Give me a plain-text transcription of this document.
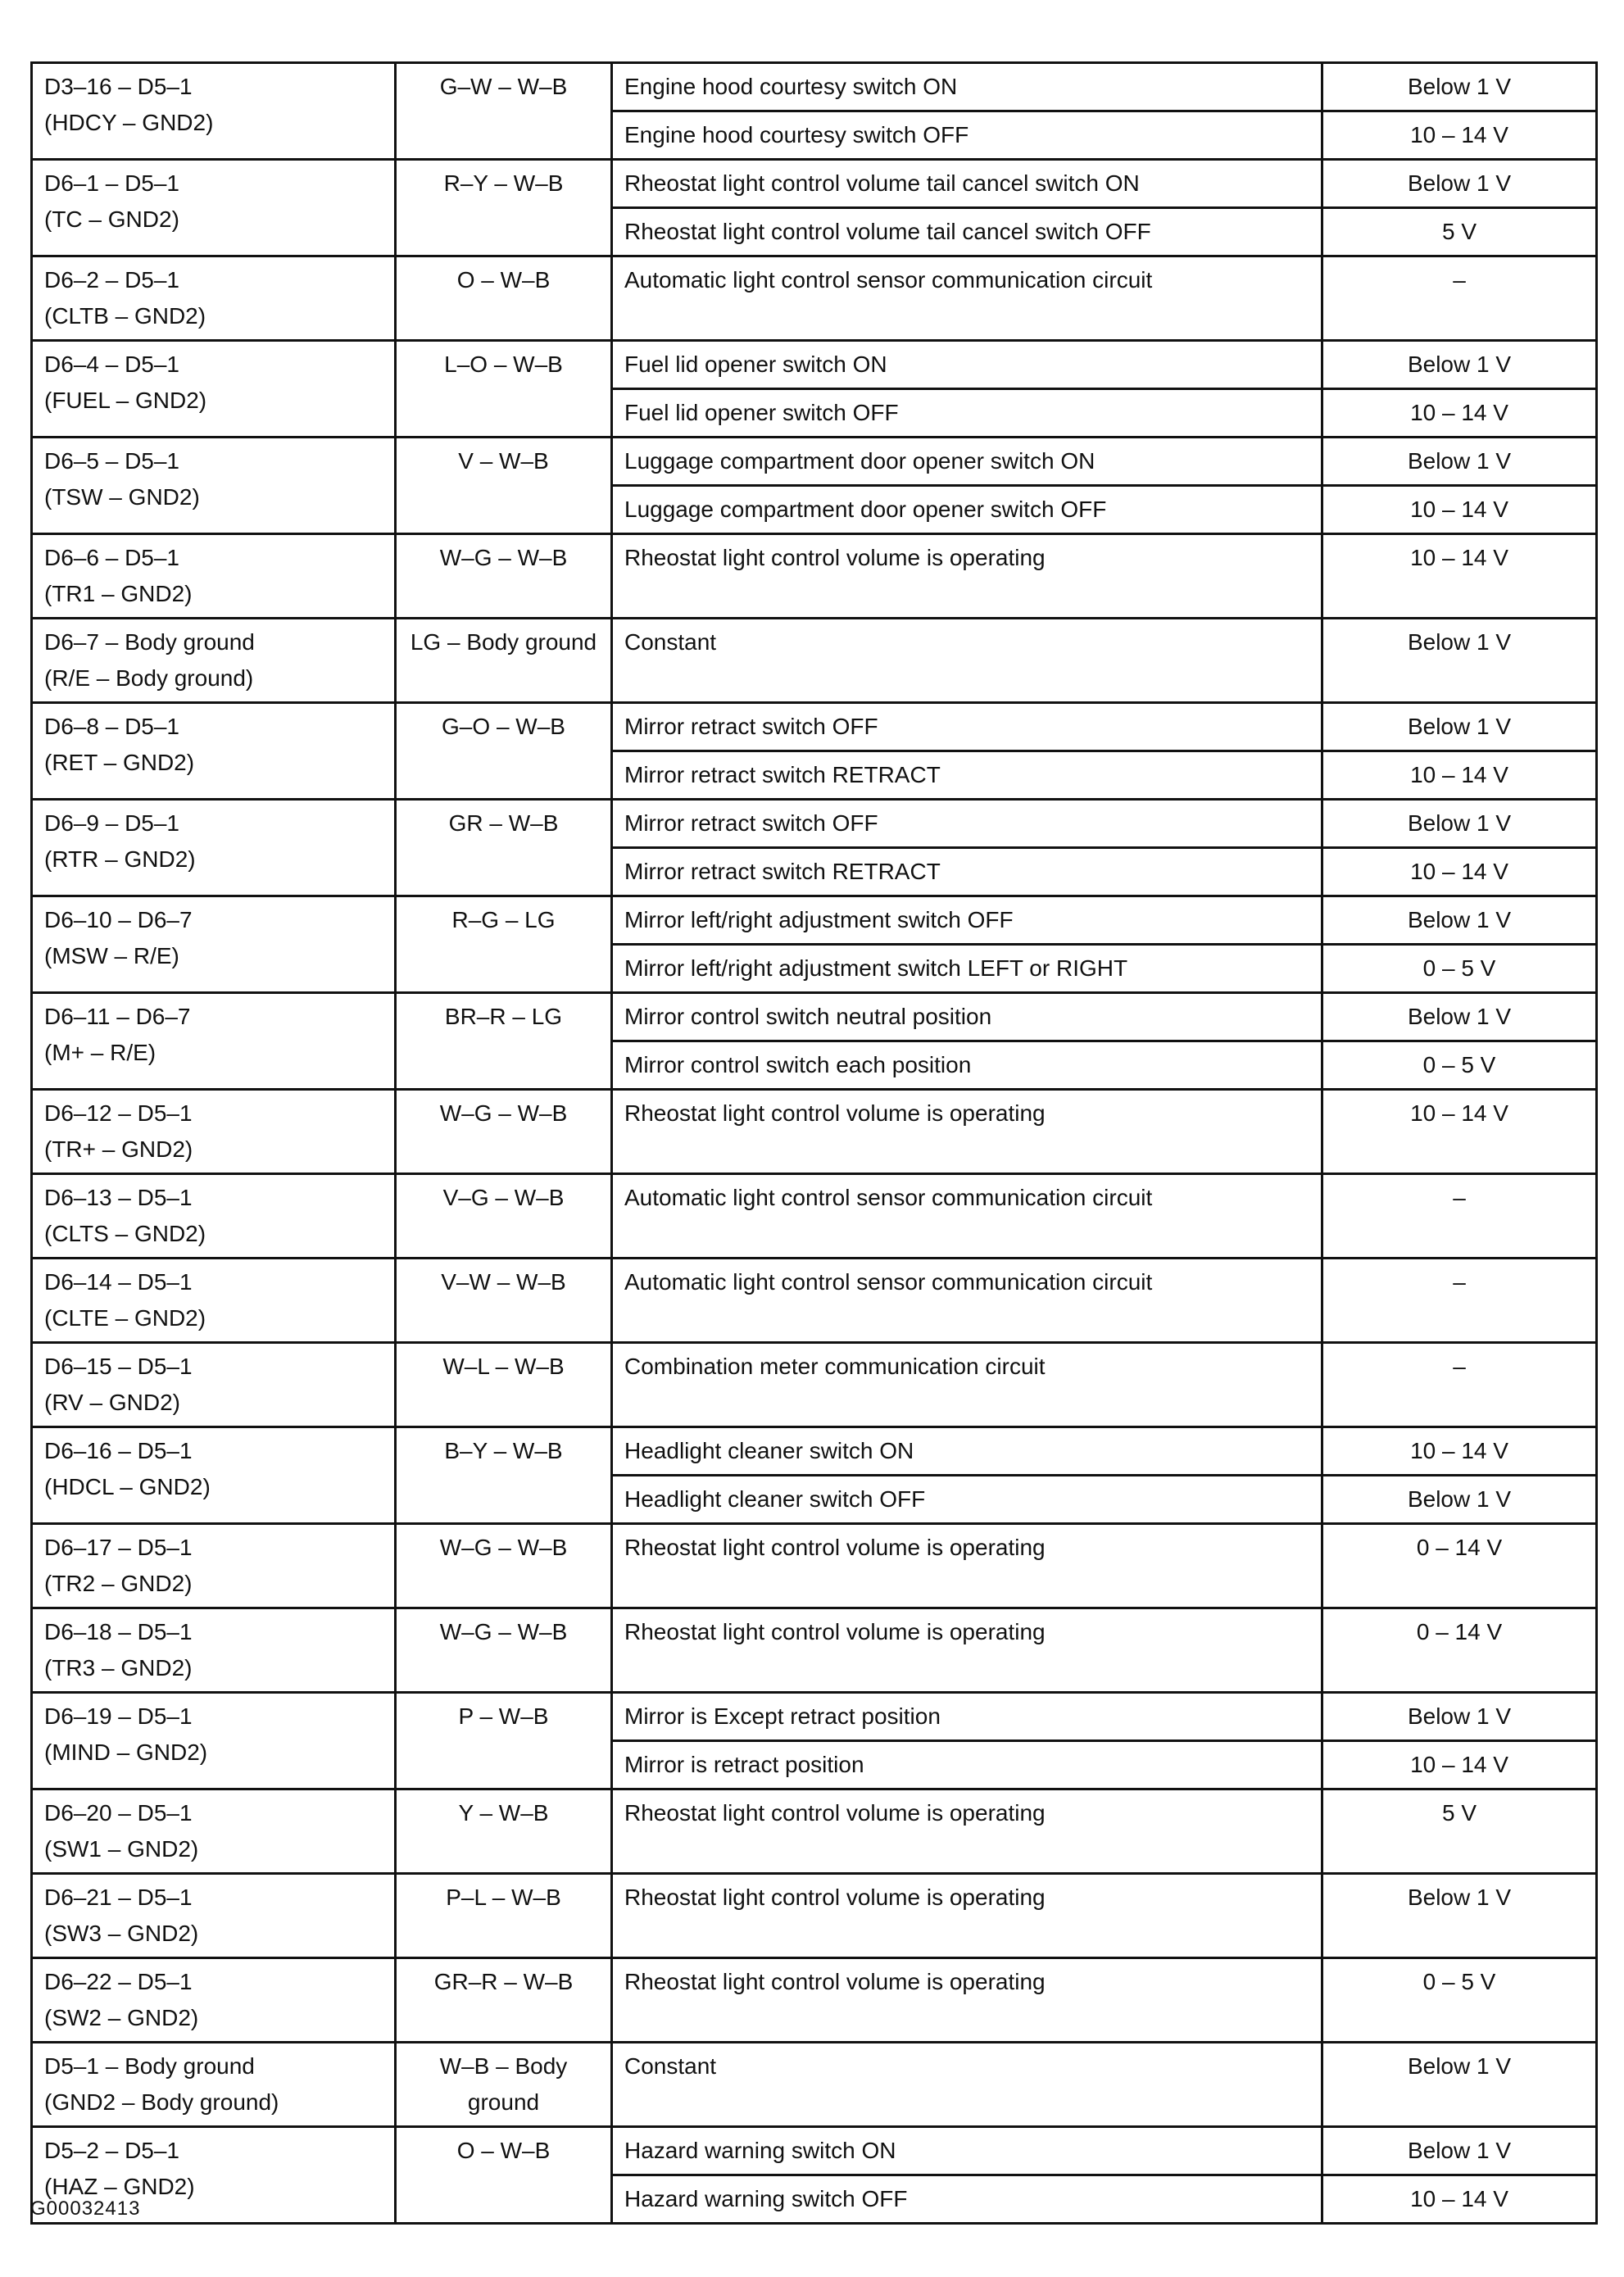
D3–16 – D5–1
(HDCY – GND2)	G–W – W–B	Engine hood courtesy switch ON	Below 1 V
		Engine hood courtesy switch OFF	10 – 14 V

D6–1 – D5–1
(TC – GND2)	R–Y – W–B	Rheostat light control volume tail cancel switch ON	Below 1 V
		Rheostat light control volume tail cancel switch OFF	5 V

D6–2 – D5–1
(CLTB – GND2)	O – W–B	Automatic light control sensor communication circuit	–

D6–4 – D5–1
(FUEL – GND2)	L–O – W–B	Fuel lid opener switch ON	Below 1 V
		Fuel lid opener switch OFF	10 – 14 V

D6–5 – D5–1
(TSW – GND2)	V – W–B	Luggage compartment door opener switch ON	Below 1 V
		Luggage compartment door opener switch OFF	10 – 14 V

D6–6 – D5–1
(TR1 – GND2)	W–G – W–B	Rheostat light control volume is operating	10 – 14 V

D6–7 – Body ground
(R/E – Body ground)	LG – Body ground	Constant	Below 1 V

D6–8 – D5–1
(RET – GND2)	G–O – W–B	Mirror retract switch OFF	Below 1 V
		Mirror retract switch RETRACT	10 – 14 V

D6–9 – D5–1
(RTR – GND2)	GR – W–B	Mirror retract switch OFF	Below 1 V
		Mirror retract switch RETRACT	10 – 14 V

D6–10 – D6–7
(MSW – R/E)	R–G – LG	Mirror left/right adjustment switch OFF	Below 1 V
		Mirror left/right adjustment switch LEFT or RIGHT	0 – 5 V

D6–11 – D6–7
(M+ – R/E)	BR–R – LG	Mirror control switch neutral position	Below 1 V
		Mirror control switch each position	0 – 5 V

D6–12 – D5–1
(TR+ – GND2)	W–G – W–B	Rheostat light control volume is operating	10 – 14 V

D6–13 – D5–1
(CLTS – GND2)	V–G – W–B	Automatic light control sensor communication circuit	–

D6–14 – D5–1
(CLTE – GND2)	V–W – W–B	Automatic light control sensor communication circuit	–

D6–15 – D5–1
(RV – GND2)	W–L – W–B	Combination meter communication circuit	–

D6–16 – D5–1
(HDCL – GND2)	B–Y – W–B	Headlight cleaner switch ON	10 – 14 V
		Headlight cleaner switch OFF	Below 1 V

D6–17 – D5–1
(TR2 – GND2)	W–G – W–B	Rheostat light control volume is operating	0 – 14 V

D6–18 – D5–1
(TR3 – GND2)	W–G – W–B	Rheostat light control volume is operating	0 – 14 V

D6–19 – D5–1
(MIND – GND2)	P – W–B	Mirror is Except retract position	Below 1 V
		Mirror is retract position	10 – 14 V

D6–20 – D5–1
(SW1 – GND2)	Y – W–B	Rheostat light control volume is operating	5 V

D6–21 – D5–1
(SW3 – GND2)	P–L – W–B	Rheostat light control volume is operating	Below 1 V

D6–22 – D5–1
(SW2 – GND2)	GR–R – W–B	Rheostat light control volume is operating	0 – 5 V

D5–1 – Body ground
(GND2 – Body ground)	W–B – Body ground	Constant	Below 1 V

D5–2 – D5–1
(HAZ – GND2)	O – W–B	Hazard warning switch ON	Below 1 V
		Hazard warning switch OFF	10 – 14 V
G00032413
